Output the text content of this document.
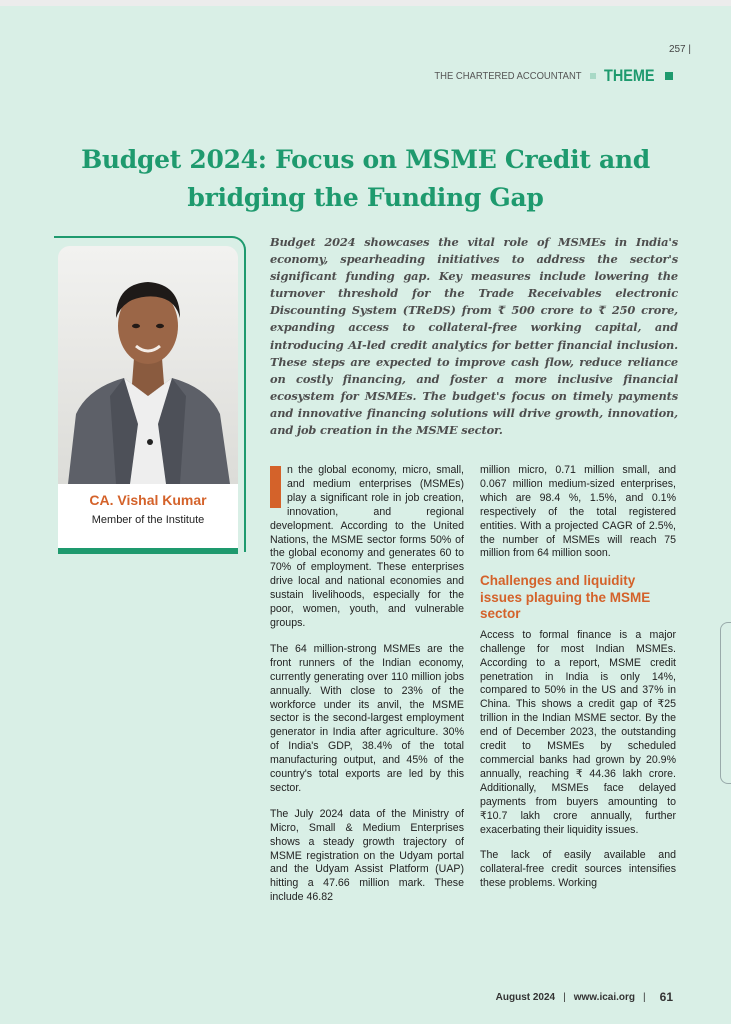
257 |
THE CHARTERED ACCOUNTANT THEME
Budget 2024: Focus on MSME Credit and bridging the Funding Gap
CA. Vishal Kumar
Member of the Institute
Budget 2024 showcases the vital role of MSMEs in India's economy, spearheading initiatives to address the sector's significant funding gap. Key measures include lowering the turnover threshold for the Trade Receivables electronic Discounting System (TReDS) from ₹ 500 crore to ₹ 250 crore, expanding access to collateral-free working capital, and introducing AI-led credit analytics for better financial inclusion. These steps are expected to improve cash flow, reduce reliance on costly financing, and foster a more inclusive financial ecosystem for MSMEs. The budget's focus on timely payments and innovative financing solutions will drive growth, innovation, and job creation in the MSME sector.

n the global economy, micro, small, and medium enterprises (MSMEs) play a significant role in job creation, innovation, and regional development. According to the United Nations, the MSME sector forms 50% of the global economy and generates 60 to 70% of employment. These enterprises drive local and national economies and sustain livelihoods, especially for the poor, women, youth, and vulnerable groups.

The 64 million-strong MSMEs are the front runners of the Indian economy, currently generating over 110 million jobs annually. With close to 23% of the workforce under its anvil, the MSME sector is the second-largest employment generator in India after agriculture. 30% of India's GDP, 38.4% of the total manufacturing output, and 45% of the country's total exports are led by this sector.

The July 2024 data of the Ministry of Micro, Small & Medium Enterprises shows a steady growth trajectory of MSME registration on the Udyam portal and the Udyam Assist Platform (UAP) hitting a 47.66 million mark. These include 46.82

million micro, 0.71 million small, and 0.067 million medium-sized enterprises, which are 98.4 %, 1.5%, and 0.1% respectively of the total registered entities. With a projected CAGR of 2.5%, the number of MSMEs will reach 75 million from 64 million soon.

Challenges and liquidity issues plaguing the MSME sector

Access to formal finance is a major challenge for most Indian MSMEs. According to a report, MSME credit penetration in India is only 14%, compared to 50% in the US and 37% in China. This shows a credit gap of ₹25 trillion in the Indian MSME sector. By the end of December 2023, the outstanding credit to MSMEs by scheduled commercial banks had grown by 20.9% annually, reaching ₹ 44.36 lakh crore. Additionally, MSMEs face delayed payments from buyers amounting to ₹10.7 lakh crore annually, further exacerbating their liquidity issues.

The lack of easily available and collateral-free credit sources intensifies these problems. Working

August 2024 | www.icai.org | 61
